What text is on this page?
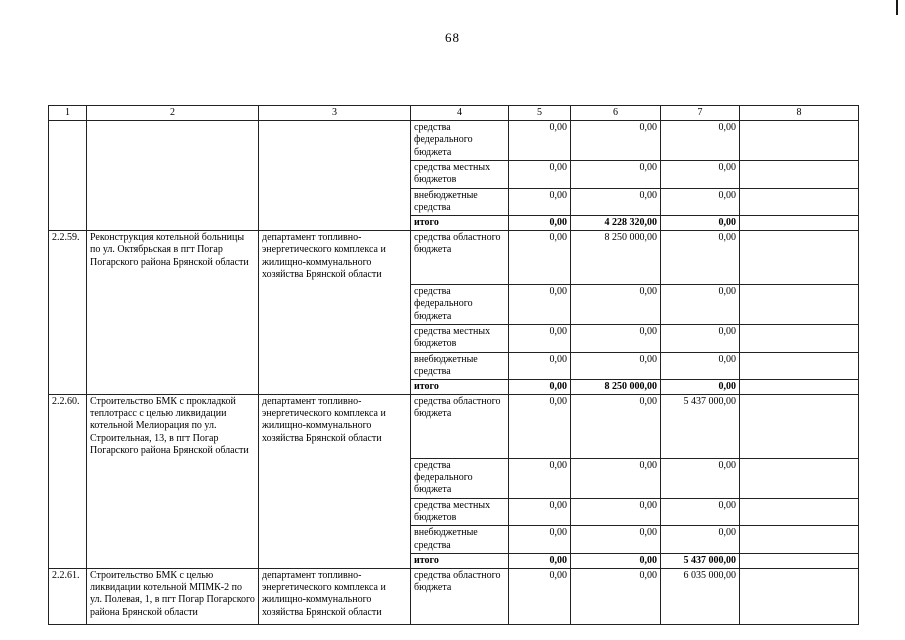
68
1	2	3	4	5	6	7	8
			средства федерального бюджета	0,00	0,00	0,00	
			средства местных бюджетов	0,00	0,00	0,00	
			внебюджетные средства	0,00	0,00	0,00	
			итого	0,00	4 228 320,00	0,00	
2.2.59.	Реконструкция котельной больницы по ул. Октябрьская в пгт Погар Погарского района Брянской области	департамент топливно-энергетического комплекса и жилищно-коммунального хозяйства Брянской области	средства областного бюджета	0,00	8 250 000,00	0,00	
			средства федерального бюджета	0,00	0,00	0,00	
			средства местных бюджетов	0,00	0,00	0,00	
			внебюджетные средства	0,00	0,00	0,00	
			итого	0,00	8 250 000,00	0,00	
2.2.60.	Строительство БМК с прокладкой теплотрасс с целью ликвидации котельной Мелиорация по ул. Строительная, 13, в пгт Погар Погарского района Брянской области	департамент топливно-энергетического комплекса и жилищно-коммунального хозяйства Брянской области	средства областного бюджета	0,00	0,00	5 437 000,00	
			средства федерального бюджета	0,00	0,00	0,00	
			средства местных бюджетов	0,00	0,00	0,00	
			внебюджетные средства	0,00	0,00	0,00	
			итого	0,00	0,00	5 437 000,00	
2.2.61.	Строительство БМК с целью ликвидации котельной МПМК-2 по ул. Полевая, 1, в пгт Погар Погарского района Брянской области	департамент топливно-энергетического комплекса и жилищно-коммунального хозяйства Брянской области	средства областного бюджета	0,00	0,00	6 035 000,00	
